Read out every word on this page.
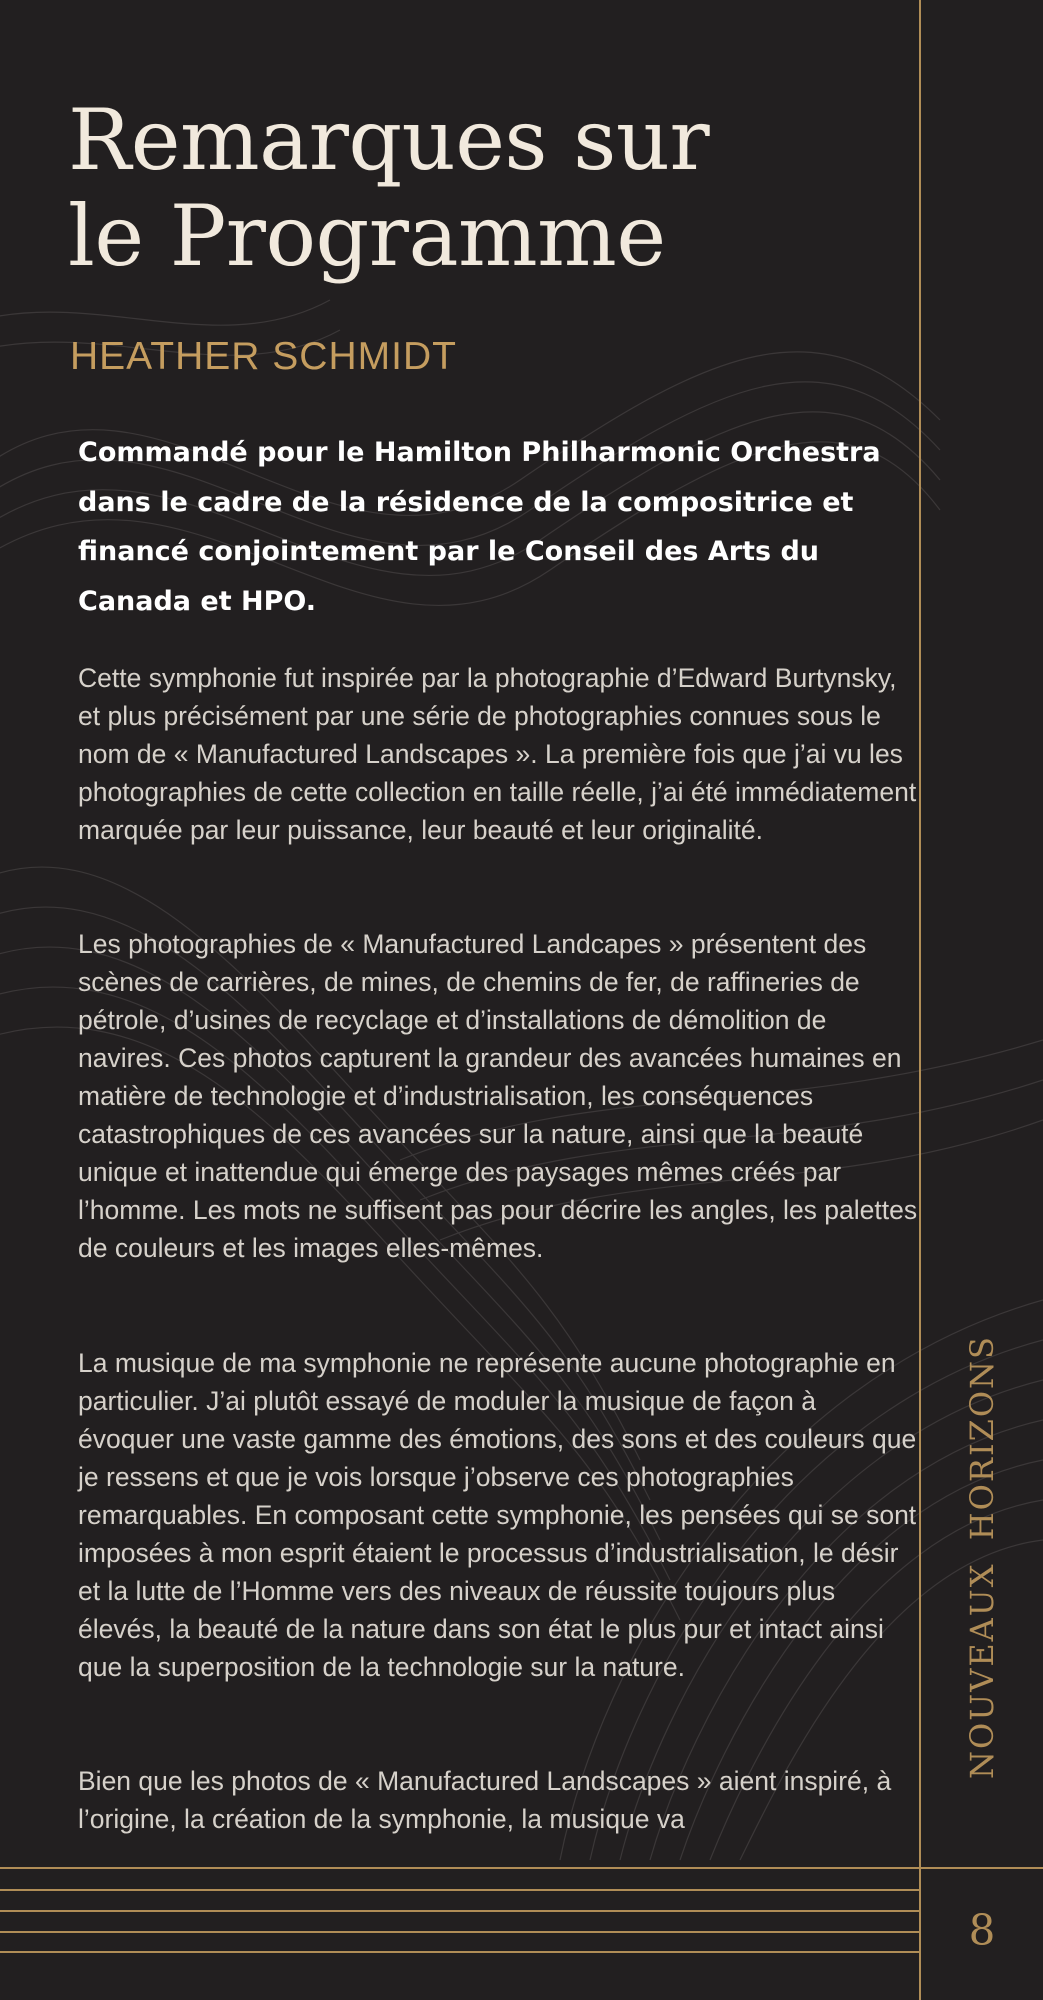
Remarques sur
le Programme
HEATHER SCHMIDT

Commandé pour le Hamilton Philharmonic Orchestra dans le cadre de la résidence de la compositrice et financé conjointement par le Conseil des Arts du Canada et HPO.

Cette symphonie fut inspirée par la photographie d’Edward Burtynsky, et plus précisément par une série de photographies connues sous le nom de « Manufactured Landscapes ». La première fois que j’ai vu les photographies de cette collection en taille réelle, j’ai été immédiatement marquée par leur puissance, leur beauté et leur originalité.

Les photographies de « Manufactured Landcapes » présentent des scènes de carrières, de mines, de chemins de fer, de raffineries de pétrole, d’usines de recyclage et d’installations de démolition de navires. Ces photos capturent la grandeur des avancées humaines en matière de technologie et d’industrialisation, les conséquences catastrophiques de ces avancées sur la nature, ainsi que la beauté unique et inattendue qui émerge des paysages mêmes créés par l’homme. Les mots ne suffisent pas pour décrire les angles, les palettes de couleurs et les images elles-mêmes.

La musique de ma symphonie ne représente aucune photographie en particulier. J’ai plutôt essayé de moduler la musique de façon à évoquer une vaste gamme des émotions, des sons et des couleurs que je ressens et que je vois lorsque j’observe ces photographies remarquables. En composant cette symphonie, les pensées qui se sont imposées à mon esprit étaient le processus d’industrialisation, le désir et la lutte de l’Homme vers des niveaux de réussite toujours plus élevés, la beauté de la nature dans son état le plus pur et intact ainsi que la superposition de la technologie sur la nature.

Bien que les photos de « Manufactured Landscapes » aient inspiré, à l’origine, la création de la symphonie, la musique va

NOUVEAUX HORIZONS
8
